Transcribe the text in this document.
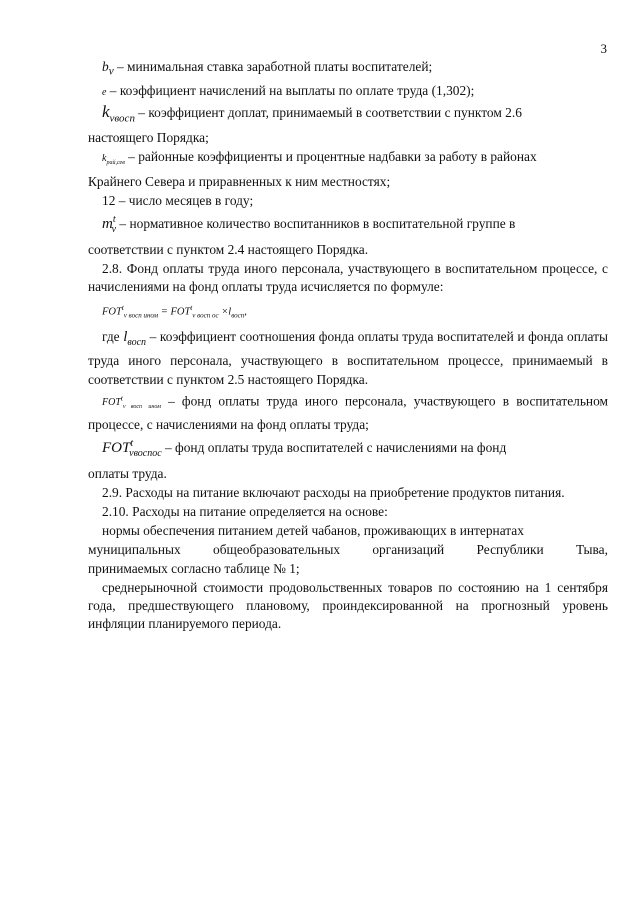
3

$b_v$ – минимальная ставка заработной платы воспитателей;

e – коэффициент начислений на выплаты по оплате труда (1,302);

$k_{vвосп}$ – коэффициент доплат, принимаемый в соответствии с пунктом 2.6

настоящего Порядка;

$k_{рай,сев}$ – районные коэффициенты и процентные надбавки за работу в районах

Крайнего Севера и приравненных к ним местностях;

12 – число месяцев в году;

$m^t_v$ – нормативное количество воспитанников в воспитательной группе в

соответствии с пунктом 2.4 настоящего Порядка.

2.8. Фонд оплаты труда иного персонала, участвующего в воспитательном процессе, с начислениями на фонд оплаты труда исчисляется по формуле:

$FOT^t_{v восп ином} = FOT^t_{v восп ос} \times l_{восп}$,

где $l_{восп}$ – коэффициент соотношения фонда оплаты труда воспитателей и фонда оплаты труда иного персонала, участвующего в воспитательном процессе, принимаемый в соответствии с пунктом 2.5 настоящего Порядка.

$FOT^t_{v восп}$ $_{ином}$ – фонд оплаты труда иного персонала, участвующего в воспитательном процессе, с начислениями на фонд оплаты труда;

$FOT^t_{vвоспос}$ – фонд оплаты труда воспитателей с начислениями на фонд

оплаты труда.

2.9. Расходы на питание включают расходы на приобретение продуктов питания.

2.10. Расходы на питание определяется на основе:

нормы обеспечения питанием детей чабанов, проживающих в интернатах

муниципальных общеобразовательных организаций Республики Тыва,

принимаемых согласно таблице № 1;

среднерыночной стоимости продовольственных товаров по состоянию на 1 сентября года, предшествующего плановому, проиндексированной на прогнозный уровень инфляции планируемого периода.
